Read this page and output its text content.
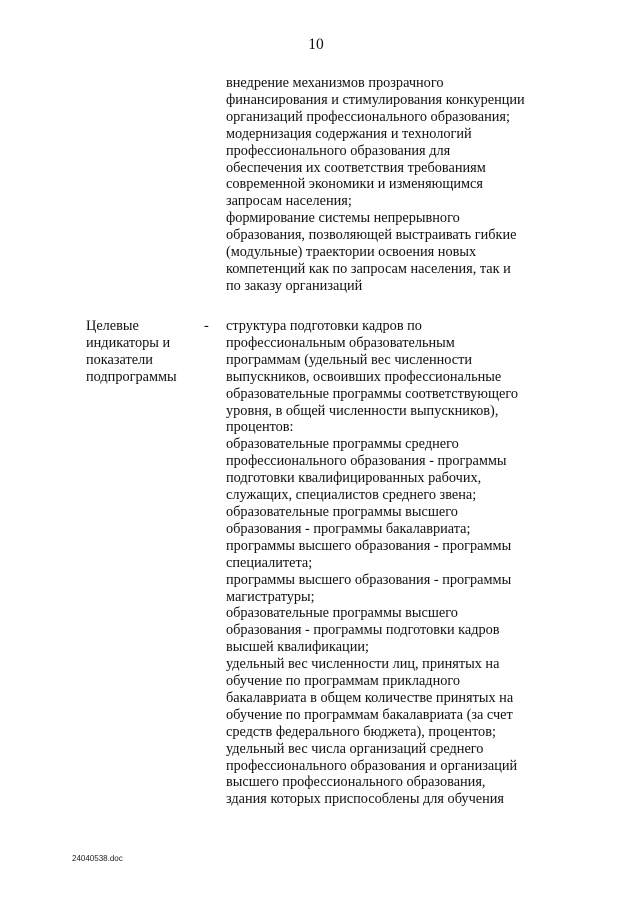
10
внедрение механизмов прозрачного
финансирования и стимулирования конкуренции
организаций профессионального образования;
модернизация содержания и технологий
профессионального образования для
обеспечения их соответствия требованиям
современной экономики и изменяющимся
запросам населения;
формирование системы непрерывного
образования, позволяющей выстраивать гибкие
(модульные) траектории освоения новых
компетенций как по запросам населения, так и
по заказу организаций
Целевые
индикаторы и
показатели
подпрограммы
- структура подготовки кадров по
профессиональным образовательным
программам (удельный вес численности
выпускников, освоивших профессиональные
образовательные программы соответствующего
уровня, в общей численности выпускников),
процентов:
образовательные программы среднего
профессионального образования - программы
подготовки квалифицированных рабочих,
служащих, специалистов среднего звена;
образовательные программы высшего
образования - программы бакалавриата;
программы высшего образования - программы
специалитета;
программы высшего образования - программы
магистратуры;
образовательные программы высшего
образования - программы подготовки кадров
высшей квалификации;
удельный вес численности лиц, принятых на
обучение по программам прикладного
бакалавриата в общем количестве принятых на
обучение по программам бакалавриата (за счет
средств федерального бюджета), процентов;
удельный вес числа организаций среднего
профессионального образования и организаций
высшего профессионального образования,
здания которых приспособлены для обучения
24040538.doc
